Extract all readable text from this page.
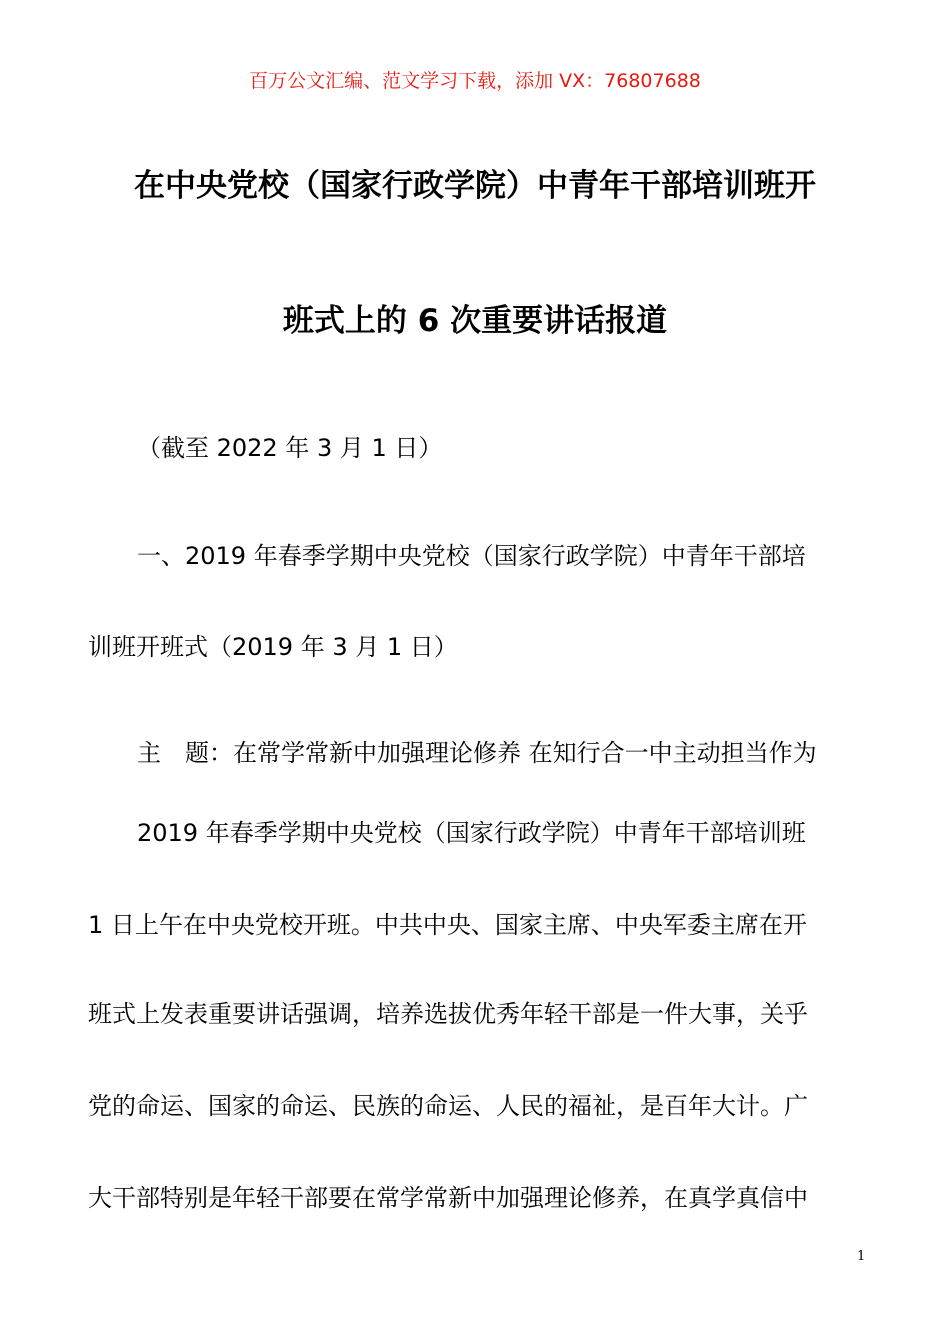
百万公文汇编、范文学习下载，添加 VX：76807688
在中央党校（国家行政学院）中青年干部培训班开
班式上的 6 次重要讲话报道
（截至 2022 年 3 月 1 日）
一、2019 年春季学期中央党校（国家行政学院）中青年干部培
训班开班式（2019 年 3 月 1 日）
主　题：在常学常新中加强理论修养 在知行合一中主动担当作为
2019 年春季学期中央党校（国家行政学院）中青年干部培训班
1 日上午在中央党校开班。中共中央、国家主席、中央军委主席在开
班式上发表重要讲话强调，培养选拔优秀年轻干部是一件大事，关乎
党的命运、国家的命运、民族的命运、人民的福祉，是百年大计。广
大干部特别是年轻干部要在常学常新中加强理论修养，在真学真信中
1
